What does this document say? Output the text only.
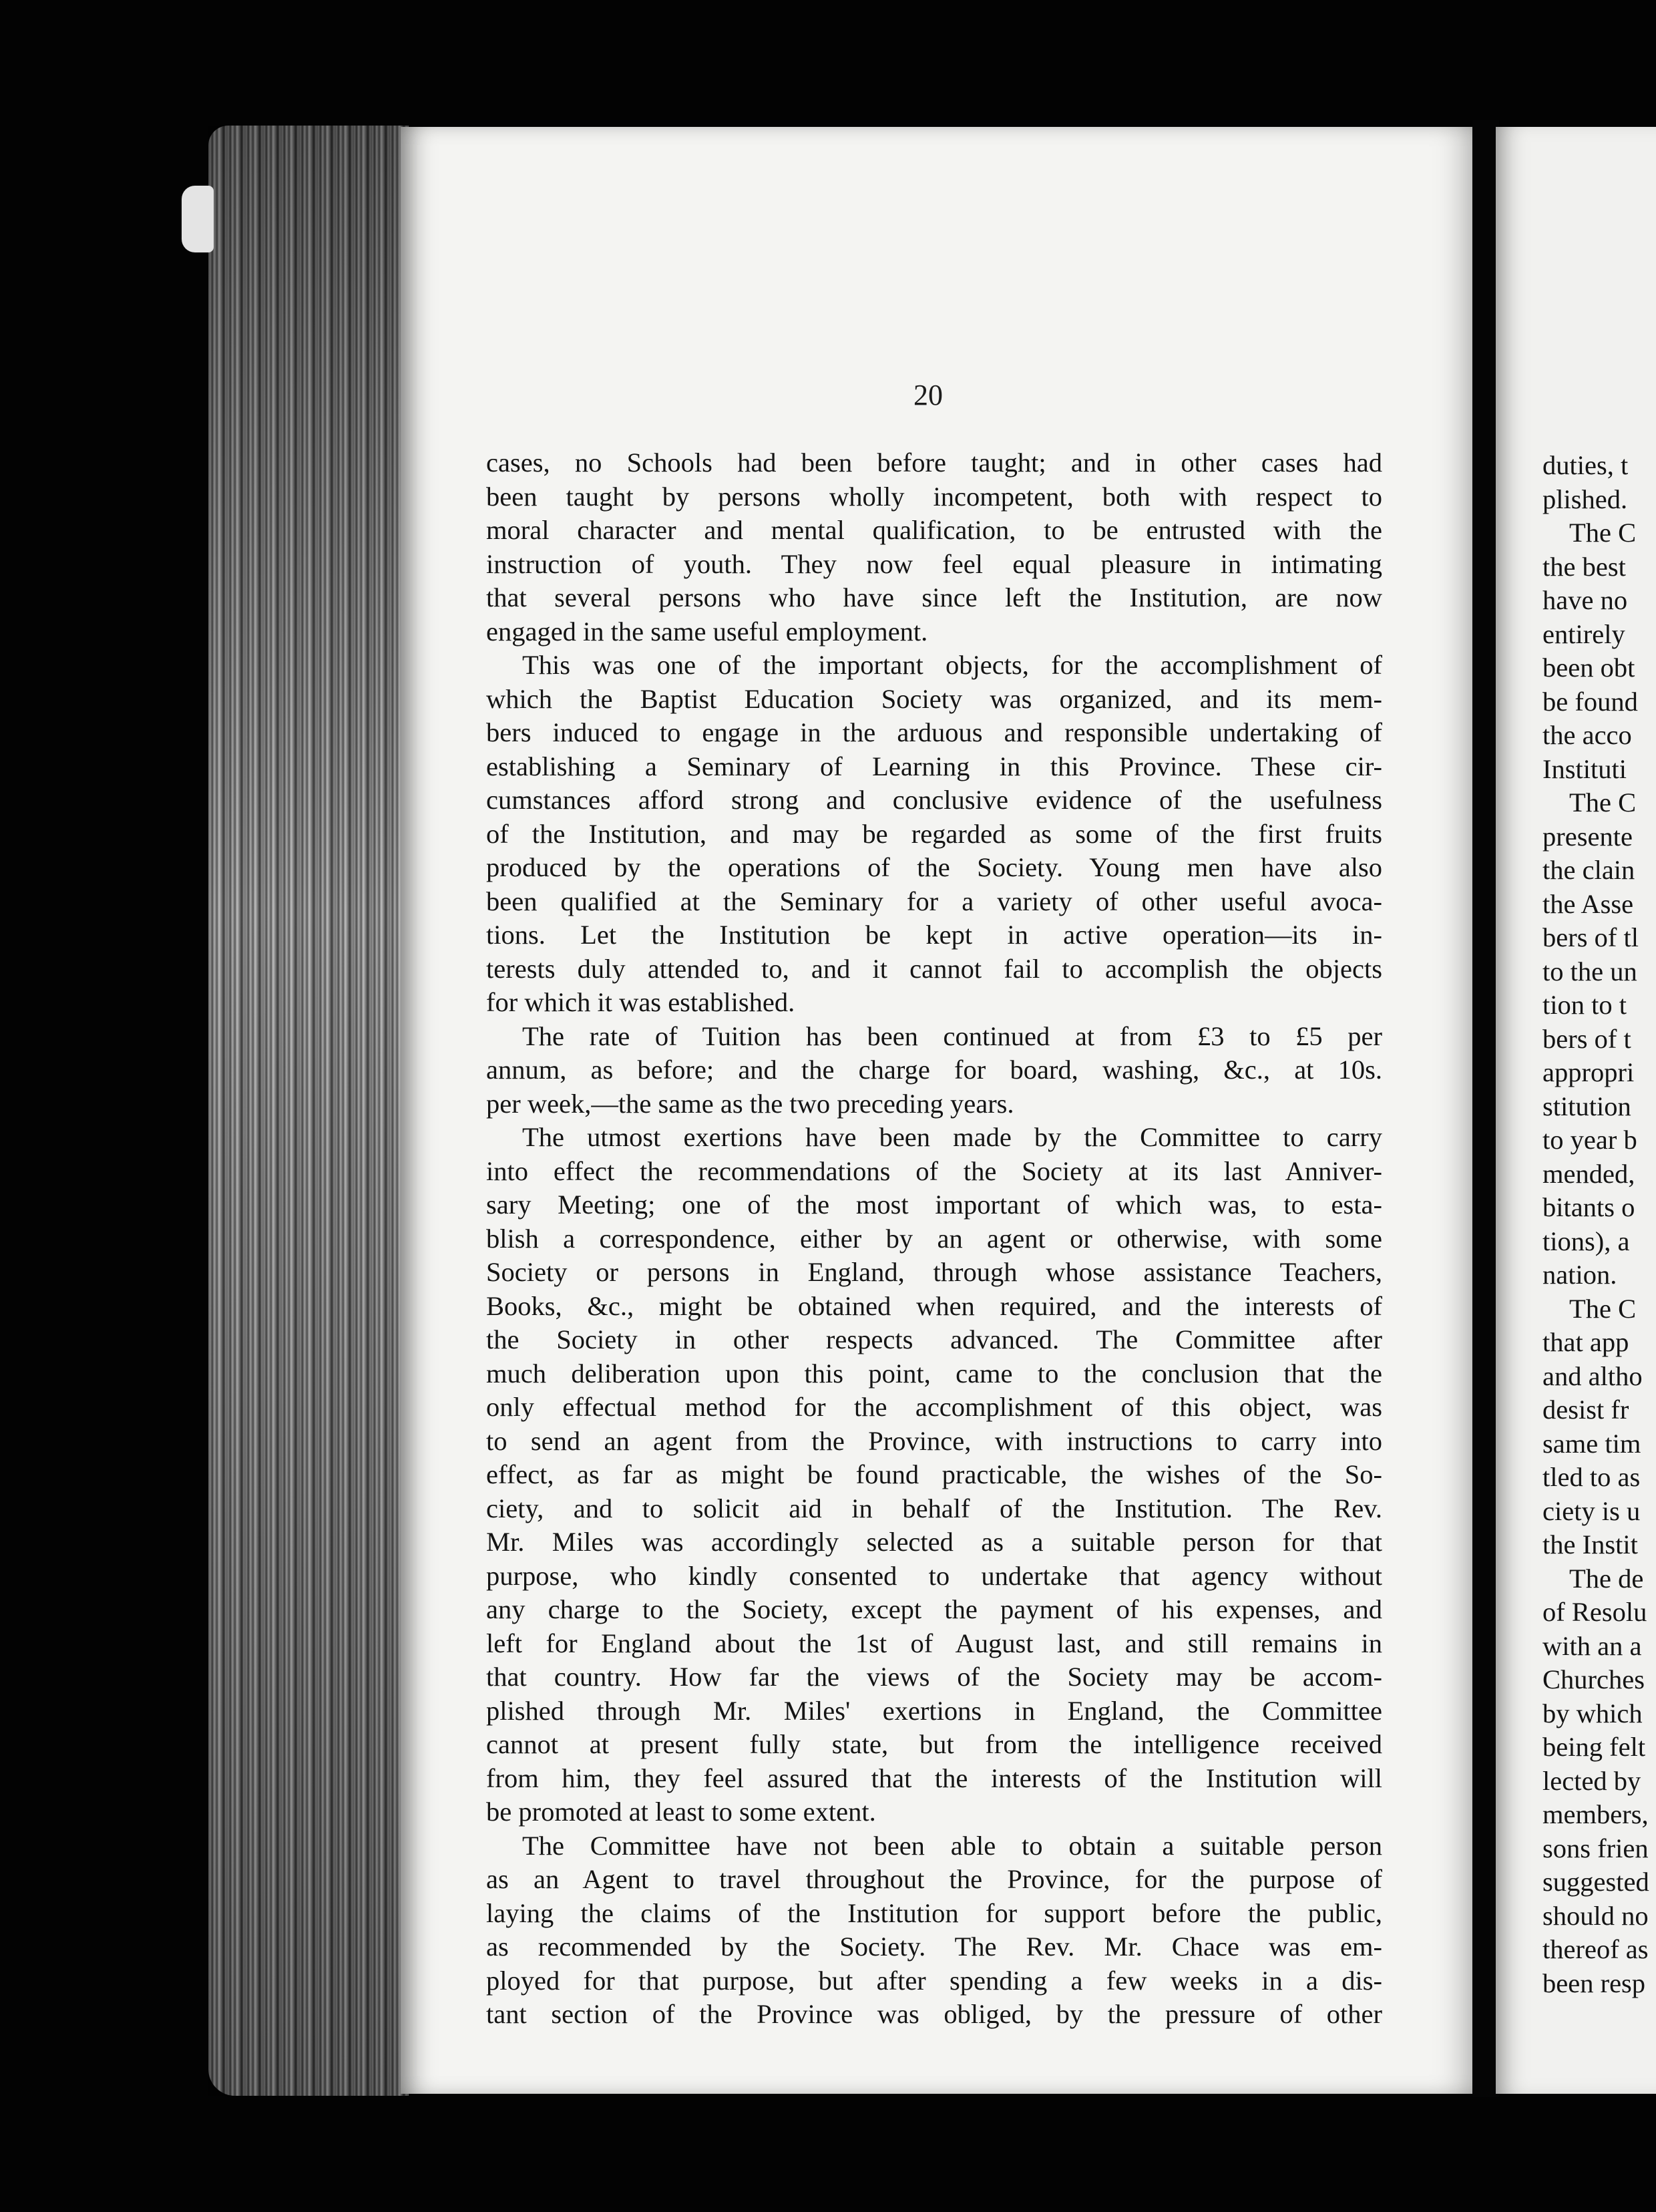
20
cases, no Schools had been before taught; and in other cases had
been taught by persons wholly incompetent, both with respect to
moral character and mental qualification, to be entrusted with the
instruction of youth. They now feel equal pleasure in intimating
that several persons who have since left the Institution, are now
engaged in the same useful employment.
This was one of the important objects, for the accomplishment of
which the Baptist Education Society was organized, and its mem-
bers induced to engage in the arduous and responsible undertaking of
establishing a Seminary of Learning in this Province. These cir-
cumstances afford strong and conclusive evidence of the usefulness
of the Institution, and may be regarded as some of the first fruits
produced by the operations of the Society. Young men have also
been qualified at the Seminary for a variety of other useful avoca-
tions. Let the Institution be kept in active operation—its in-
terests duly attended to, and it cannot fail to accomplish the objects
for which it was established.
The rate of Tuition has been continued at from £3 to £5 per
annum, as before; and the charge for board, washing, &c., at 10s.
per week,—the same as the two preceding years.
The utmost exertions have been made by the Committee to carry
into effect the recommendations of the Society at its last Anniver-
sary Meeting; one of the most important of which was, to esta-
blish a correspondence, either by an agent or otherwise, with some
Society or persons in England, through whose assistance Teachers,
Books, &c., might be obtained when required, and the interests of
the Society in other respects advanced. The Committee after
much deliberation upon this point, came to the conclusion that the
only effectual method for the accomplishment of this object, was
to send an agent from the Province, with instructions to carry into
effect, as far as might be found practicable, the wishes of the So-
ciety, and to solicit aid in behalf of the Institution. The Rev.
Mr. Miles was accordingly selected as a suitable person for that
purpose, who kindly consented to undertake that agency without
any charge to the Society, except the payment of his expenses, and
left for England about the 1st of August last, and still remains in
that country. How far the views of the Society may be accom-
plished through Mr. Miles' exertions in England, the Committee
cannot at present fully state, but from the intelligence received
from him, they feel assured that the interests of the Institution will
be promoted at least to some extent.
The Committee have not been able to obtain a suitable person
as an Agent to travel throughout the Province, for the purpose of
laying the claims of the Institution for support before the public,
as recommended by the Society. The Rev. Mr. Chace was em-
ployed for that purpose, but after spending a few weeks in a dis-
tant section of the Province was obliged, by the pressure of other
duties, t
plished.
The C
the best
have no
entirely
been obt
be found
the acco
Instituti
The C
presente
the clain
the Asse
bers of tl
to the un
tion to t
bers of t
appropri
stitution
to year b
mended,
bitants o
tions), a
nation.
The C
that app
and altho
desist fr
same tim
tled to as
ciety is u
the Instit
The de
of Resolu
with an a
Churches
by which
being felt
lected by
members,
sons frien
suggested
should no
thereof as
been resp
